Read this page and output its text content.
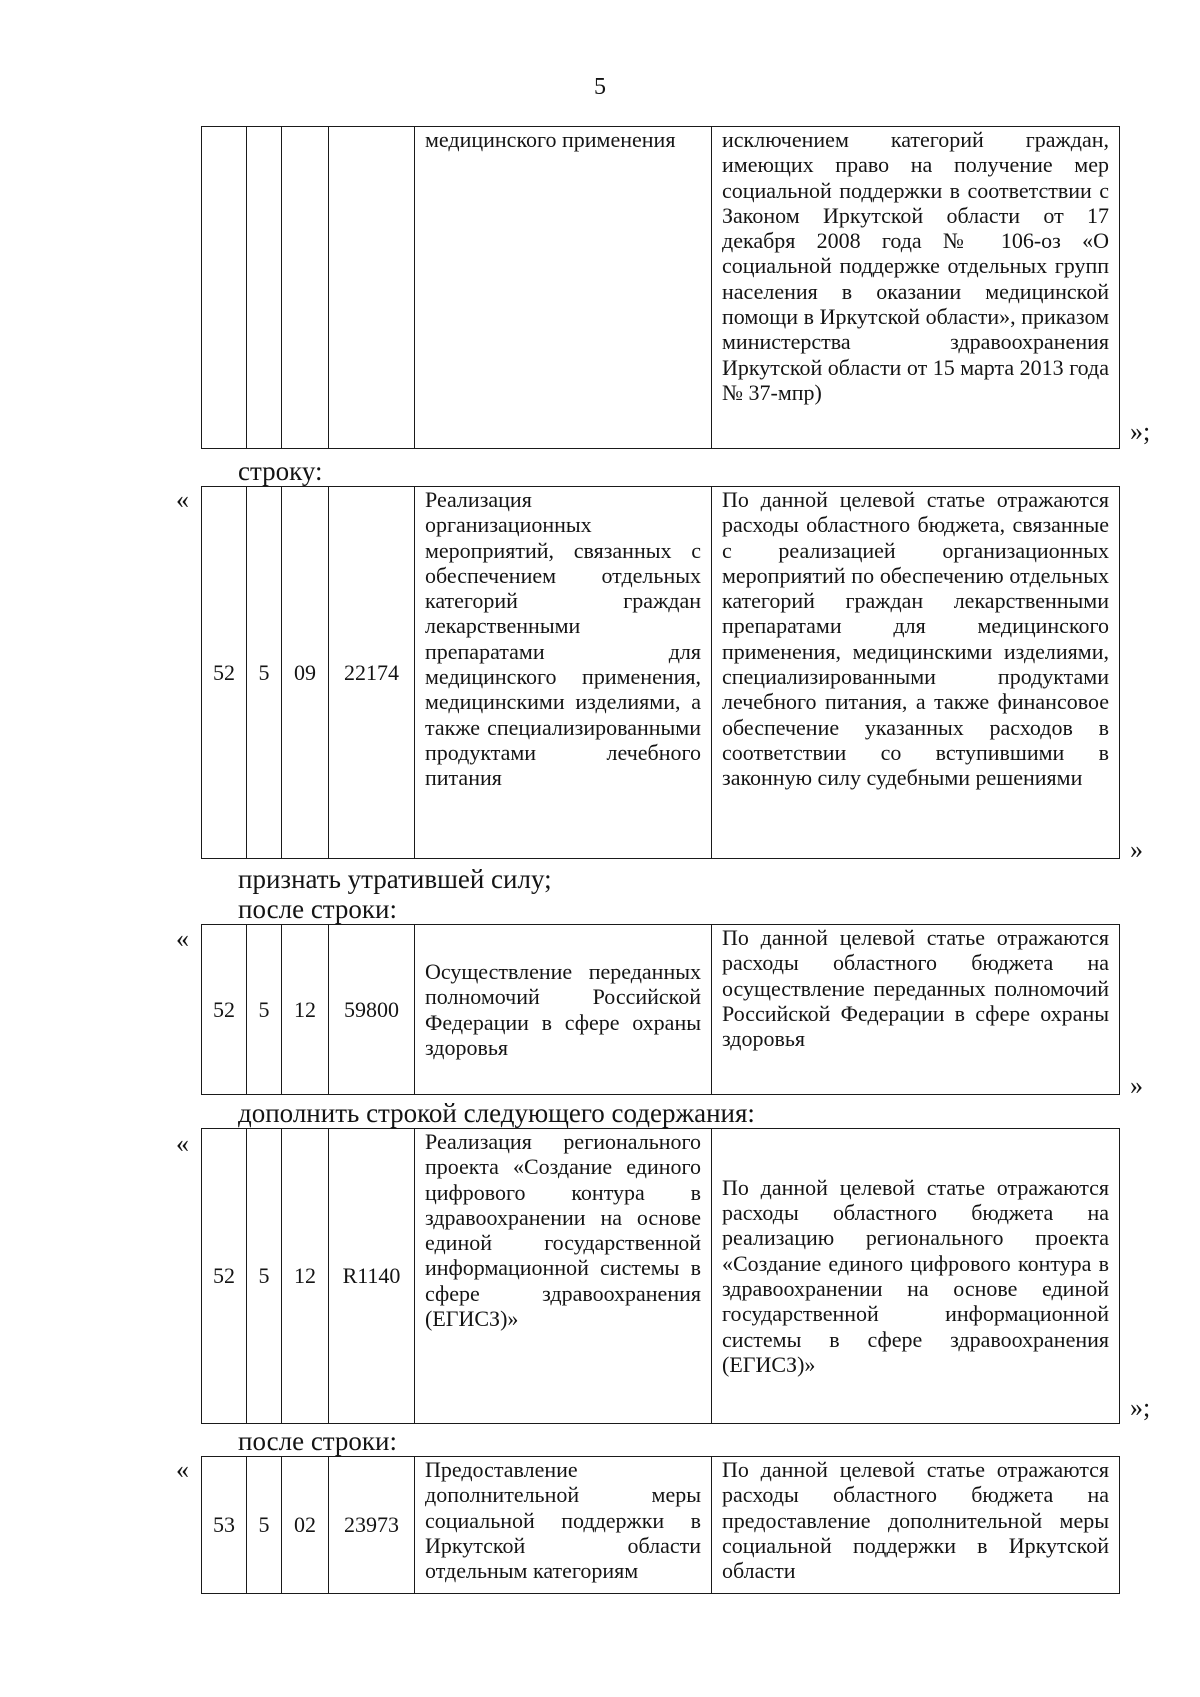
5
				медицинского применения	исключением категорий граждан, имеющих право на получение мер социальной поддержки в соответствии с Законом Иркутской области от 17 декабря 2008 года № 106-оз «О социальной поддержке отдельных групп населения в оказании медицинской помощи в Иркутской области», приказом министерства здравоохранения Иркутской области от 15 марта 2013 года № 37-мпр)
»;
строку:
«
52	5	09	22174	Реализация организационных мероприятий, связанных с обеспечением отдельных категорий граждан лекарственными препаратами для медицинского применения, медицинскими изделиями, а также специализированными продуктами лечебного питания	По данной целевой статье отражаются расходы областного бюджета, связанные с реализацией организационных мероприятий по обеспечению отдельных категорий граждан лекарственными препаратами для медицинского применения, медицинскими изделиями, специализированными продуктами лечебного питания, а также финансовое обеспечение указанных расходов в соответствии со вступившими в законную силу судебными решениями
»
признать утратившей силу;
после строки:
«
52	5	12	59800	Осуществление переданных полномочий Российской Федерации в сфере охраны здоровья	По данной целевой статье отражаются расходы областного бюджета на осуществление переданных полномочий Российской Федерации в сфере охраны здоровья
»
дополнить строкой следующего содержания:
«
52	5	12	R1140	Реализация регионального проекта «Создание единого цифрового контура в здравоохранении на основе единой государственной информационной системы в сфере здравоохранения (ЕГИСЗ)»	По данной целевой статье отражаются расходы областного бюджета на реализацию регионального проекта «Создание единого цифрового контура в здравоохранении на основе единой государственной информационной системы в сфере здравоохранения (ЕГИСЗ)»
»;
после строки:
«
53	5	02	23973	Предоставление дополнительной меры социальной поддержки в Иркутской области отдельным категориям	По данной целевой статье отражаются расходы областного бюджета на предоставление дополнительной меры социальной поддержки в Иркутской области
